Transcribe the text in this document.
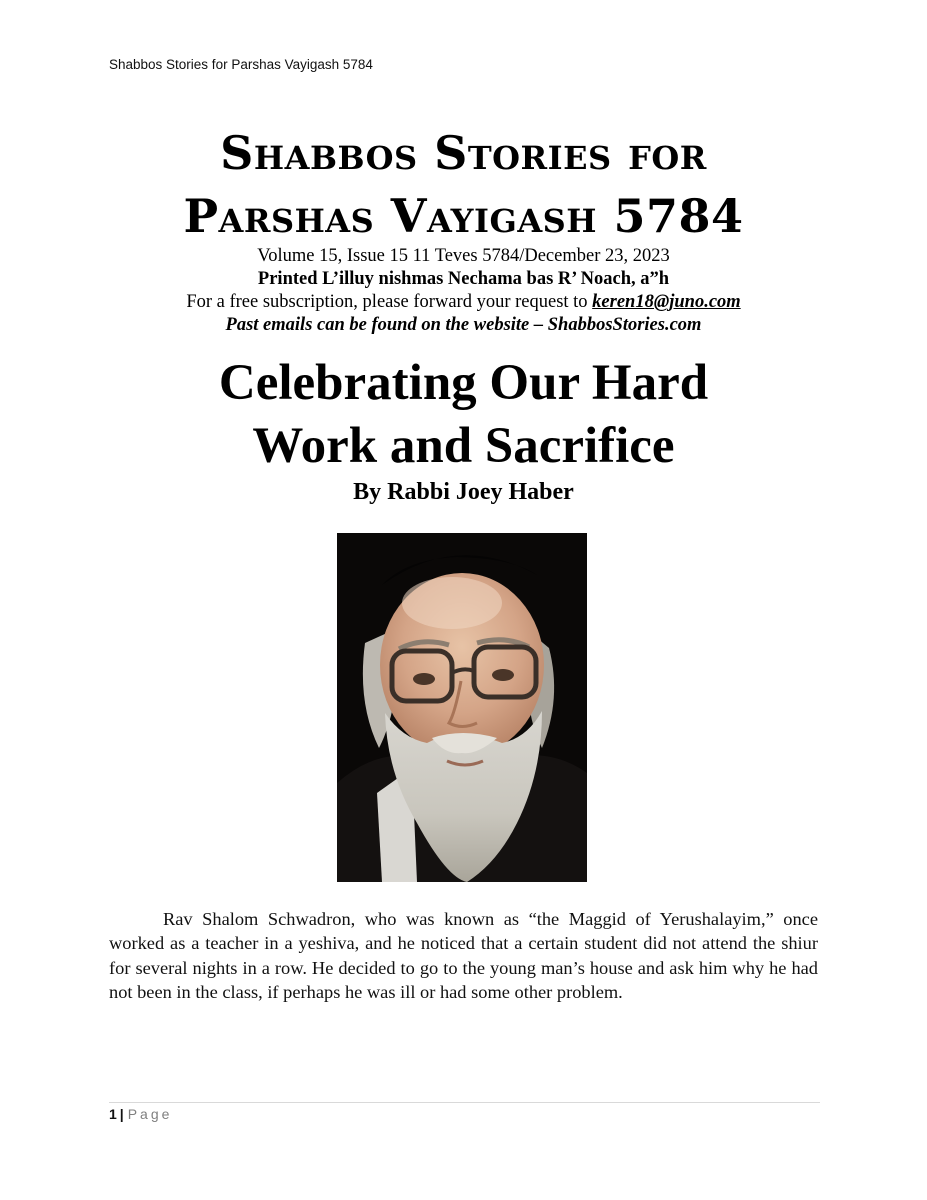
Shabbos Stories for Parshas Vayigash 5784
Shabbos Stories for
Parshas Vayigash 5784
Volume 15, Issue 15 11 Teves 5784/December 23, 2023
Printed L’illuy nishmas Nechama bas R’ Noach, a”h
For a free subscription, please forward your request to keren18@juno.com
Past emails can be found on the website – ShabbosStories.com
Celebrating Our Hard
Work and Sacrifice
By Rabbi Joey Haber
Rav Shalom Schwadron, who was known as “the Maggid of Yerushalayim,” once worked as a teacher in a yeshiva, and he noticed that a certain student did not attend the shiur for several nights in a row. He decided to go to the young man’s house and ask him why he had not been in the class, if perhaps he was ill or had some other problem.
1 | Page
